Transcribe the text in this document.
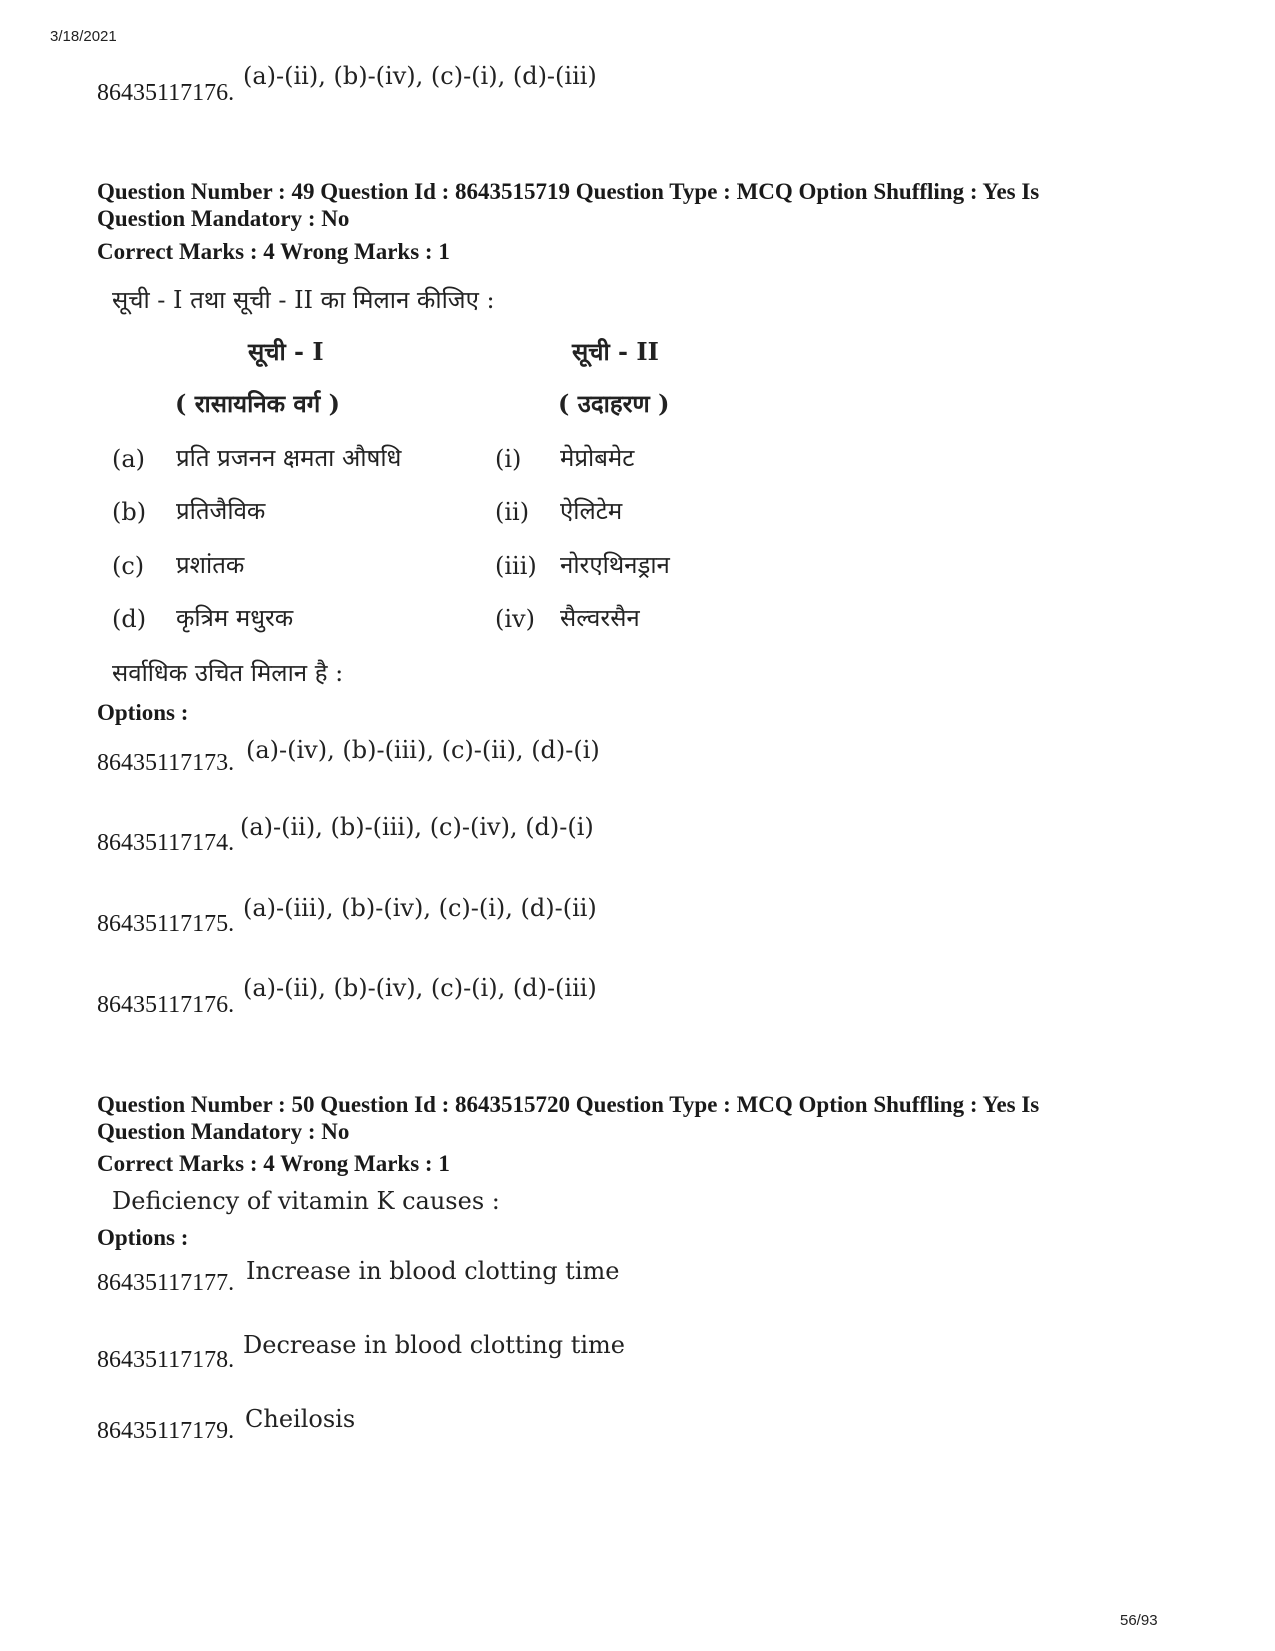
3/18/2021
86435117176.
(a)-(ii), (b)-(iv), (c)-(i), (d)-(iii)
Question Number : 49 Question Id : 8643515719 Question Type : MCQ Option Shuffling : Yes Is
Question Mandatory : No
Correct Marks : 4 Wrong Marks : 1
सूची - I तथा सूची - II का मिलान कीजिए :
सूची - I	सूची - II
( रासायनिक वर्ग )	( उदाहरण )
(a) प्रति प्रजनन क्षमता औषधि	(i) मेप्रोबमेट
(b) प्रतिजैविक	(ii) ऐलिटेम
(c) प्रशांतक	(iii) नोरएथिनड्रान
(d) कृत्रिम मधुरक	(iv) सैल्वरसैन
सर्वाधिक उचित मिलान है :
Options :
86435117173. (a)-(iv), (b)-(iii), (c)-(ii), (d)-(i)
86435117174.
(a)-(ii), (b)-(iii), (c)-(iv), (d)-(i)
86435117175.
(a)-(iii), (b)-(iv), (c)-(i), (d)-(ii)
86435117176.
(a)-(ii), (b)-(iv), (c)-(i), (d)-(iii)
Question Number : 50 Question Id : 8643515720 Question Type : MCQ Option Shuffling : Yes Is
Question Mandatory : No
Correct Marks : 4 Wrong Marks : 1
Deficiency of vitamin K causes :
Options :
86435117177. Increase in blood clotting time
86435117178.
Decrease in blood clotting time
86435117179. Cheilosis
56/93
